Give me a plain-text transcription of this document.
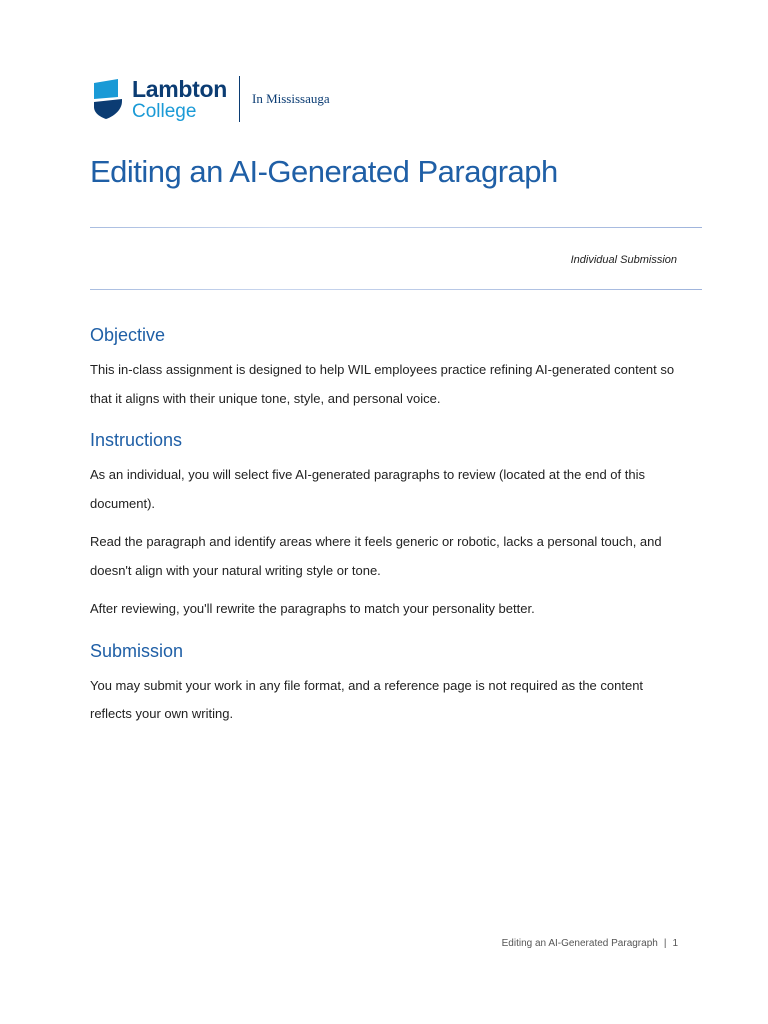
Lambton
College
In Mississauga
Editing an AI-Generated Paragraph
Individual Submission
Objective

This in-class assignment is designed to help WIL employees practice refining AI-generated content so that it aligns with their unique tone, style, and personal voice.

Instructions

As an individual, you will select five AI-generated paragraphs to review (located at the end of this document).

Read the paragraph and identify areas where it feels generic or robotic, lacks a personal touch, and doesn't align with your natural writing style or tone.

After reviewing, you'll rewrite the paragraphs to match your personality better.

Submission

You may submit your work in any file format, and a reference page is not required as the content reflects your own writing.

Editing an AI-Generated Paragraph | 1
